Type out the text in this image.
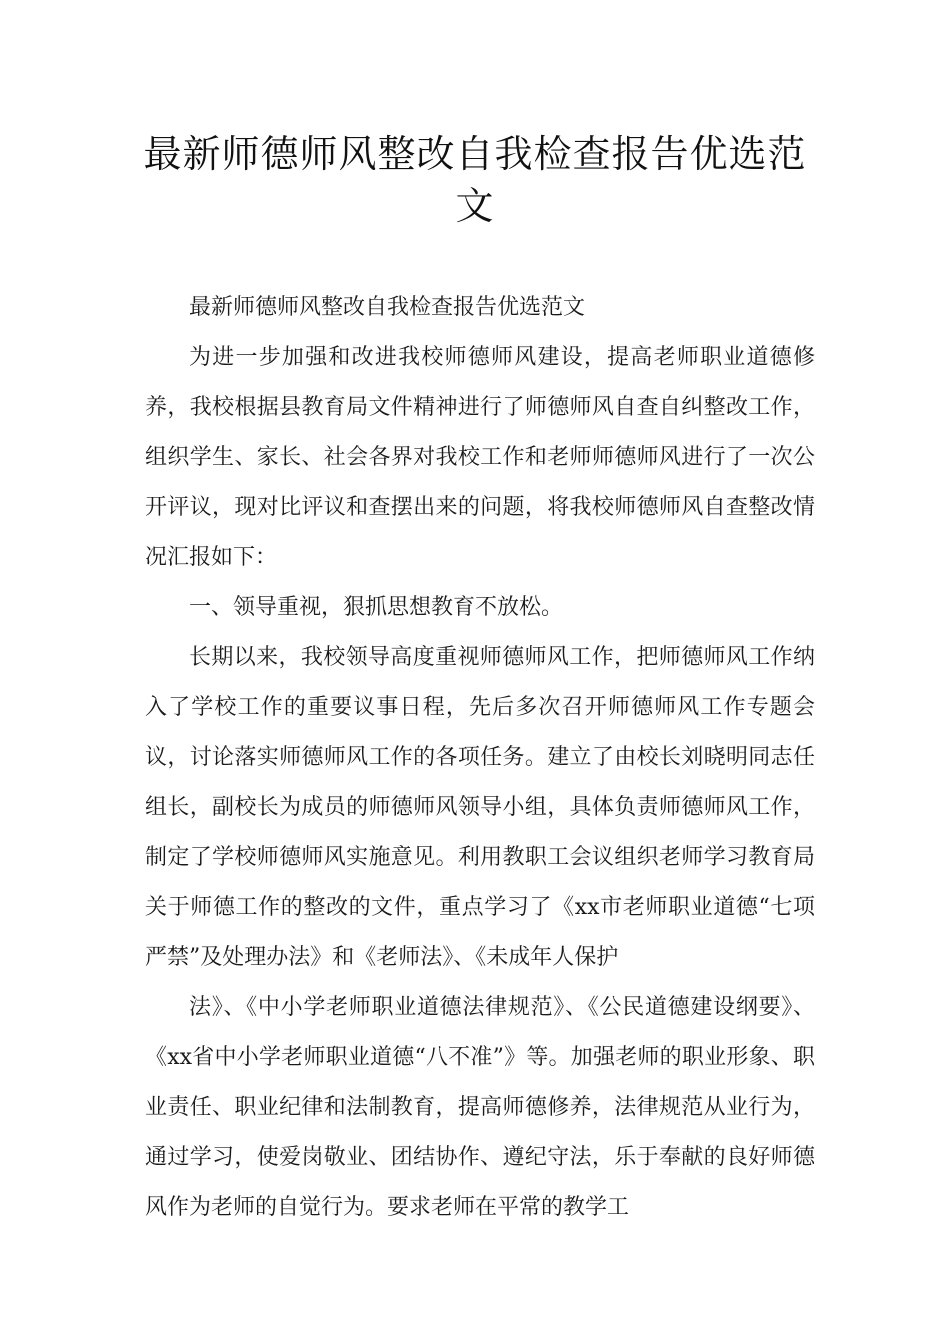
最新师德师风整改自我检查报告优选范文

最新师德师风整改自我检查报告优选范文

为进一步加强和改进我校师德师风建设，提高老师职业道德修养，我校根据县教育局文件精神进行了师德师风自查自纠整改工作，组织学生、家长、社会各界对我校工作和老师师德师风进行了一次公开评议，现对比评议和查摆出来的问题，将我校师德师风自查整改情况汇报如下：

一、领导重视，狠抓思想教育不放松。

长期以来，我校领导高度重视师德师风工作，把师德师风工作纳入了学校工作的重要议事日程，先后多次召开师德师风工作专题会议，讨论落实师德师风工作的各项任务。建立了由校长刘晓明同志任组长，副校长为成员的师德师风领导小组，具体负责师德师风工作，制定了学校师德师风实施意见。利用教职工会议组织老师学习教育局关于师德工作的整改的文件，重点学习了《xx市老师职业道德“七项严禁”及处理办法》和《老师法》、《未成年人保护

法》、《中小学老师职业道德法律规范》、《公民道德建设纲要》、《xx省中小学老师职业道德“八不准”》等。加强老师的职业形象、职业责任、职业纪律和法制教育，提高师德修养，法律规范从业行为，通过学习，使爱岗敬业、团结协作、遵纪守法，乐于奉献的良好师德风作为老师的自觉行为。要求老师在平常的教学工
